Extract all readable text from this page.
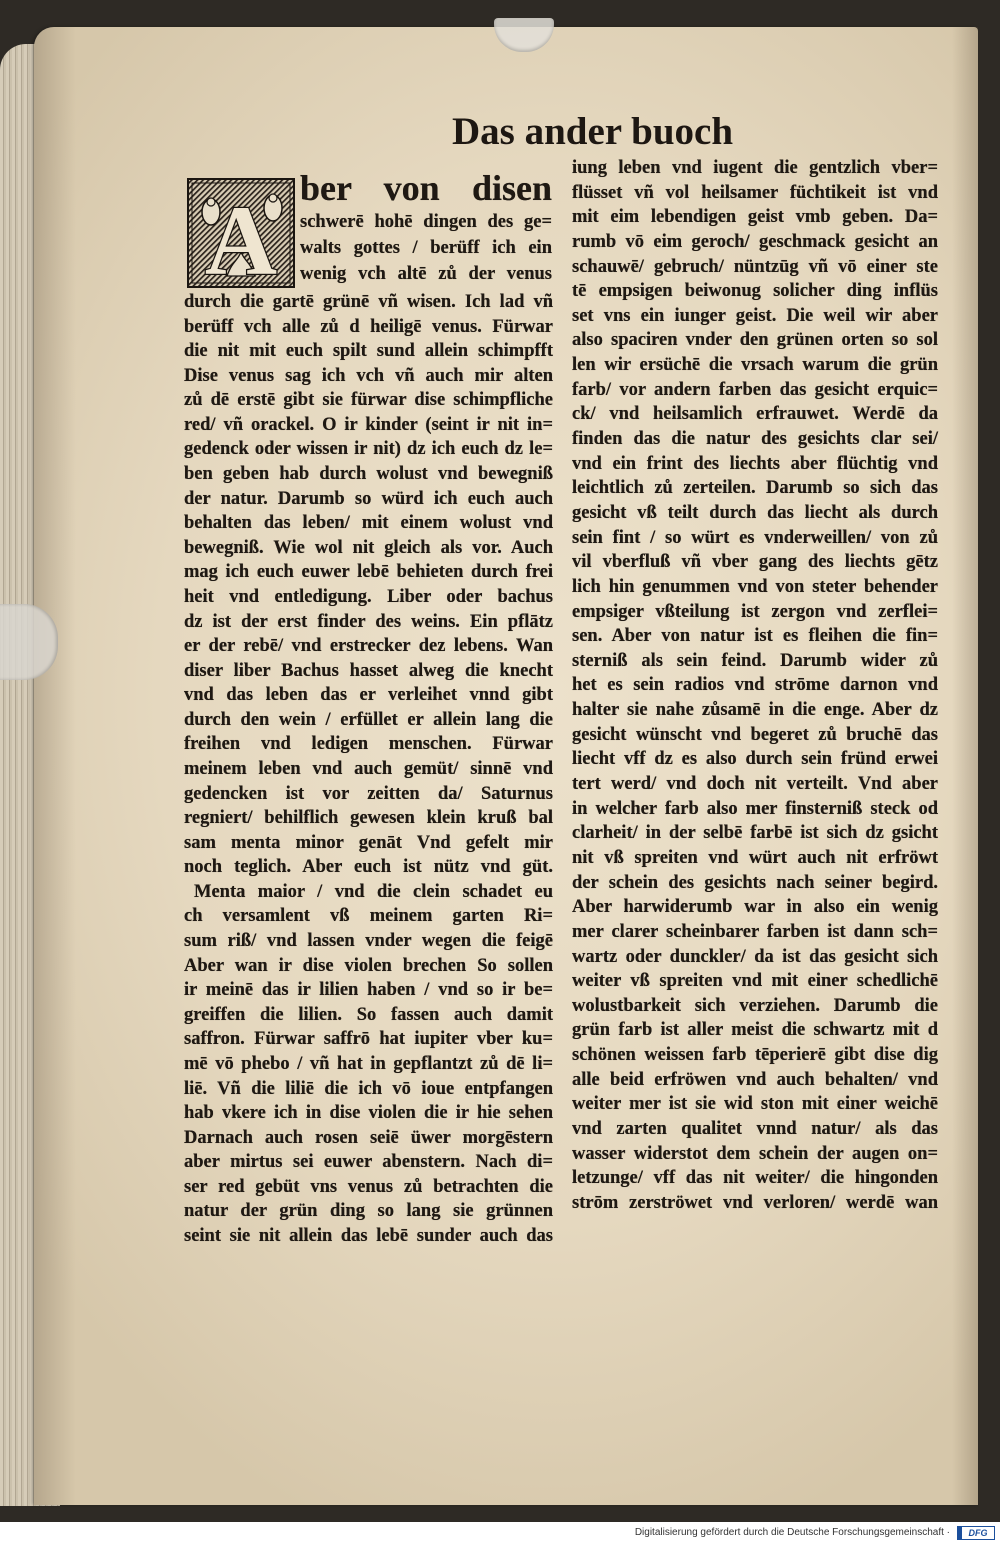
Das ander buoch
A ber von disen
schwerē hohē dingen des ge=
walts gottes / berüff ich ein
wenig vch altē zů der venus
durch die gartē grünē vñ wisen. Ich lad vñ
berüff vch alle zů d heiligē venus. Fürwar
die nit mit euch spilt sund allein schimpfft
Dise venus sag ich vch vñ auch mir alten
zů dē erstē gibt sie fürwar dise schimpfliche
red/ vñ orackel. O ir kinder (seint ir nit in=
gedenck oder wissen ir nit) dz ich euch dz le=
ben geben hab durch wolust vnd bewegniß
der natur. Darumb so würd ich euch auch
behalten das leben/ mit einem wolust vnd
bewegniß. Wie wol nit gleich als vor. Auch
mag ich euch euwer lebē behieten durch frei
heit vnd entledigung. Liber oder bachus
dz ist der erst finder des weins. Ein pflātz
er der rebē/ vnd erstrecker dez lebens. Wan
diser liber Bachus hasset alweg die knecht
vnd das leben das er verleihet vnnd gibt
durch den wein / erfüllet er allein lang die
freihen vnd ledigen menschen. Fürwar
meinem leben vnd auch gemüt/ sinnē vnd
gedencken ist vor zeitten da/ Saturnus
regniert/ behilflich gewesen klein kruß bal
sam menta minor genāt Vnd gefelt mir
noch teglich. Aber euch ist nütz vnd güt.
Menta maior / vnd die clein schadet eu
ch versamlent vß meinem garten Ri=
sum riß/ vnd lassen vnder wegen die feigē
Aber wan ir dise violen brechen So sollen
ir meinē das ir lilien haben / vnd so ir be=
greiffen die lilien. So fassen auch damit
saffron. Fürwar saffrō hat iupiter vber ku=
mē vō phebo / vñ hat in gepflantzt zů dē li=
liē. Vñ die liliē die ich vō ioue entpfangen
hab vkere ich in dise violen die ir hie sehen
Darnach auch rosen seiē üwer morgēstern
aber mirtus sei euwer abenstern. Nach di=
ser red gebüt vns venus zů betrachten die
natur der grün ding so lang sie grünnen
seint sie nit allein das lebē sunder auch das
iung leben vnd iugent die gentzlich vber=
flüsset vñ vol heilsamer füchtikeit ist vnd
mit eim lebendigen geist vmb geben. Da=
rumb vō eim geroch/ geschmack gesicht an
schauwē/ gebruch/ nüntzūg vñ vō einer ste
tē empsigen beiwonug solicher ding inflüs
set vns ein iunger geist. Die weil wir aber
also spaciren vnder den grünen orten so sol
len wir ersüchē die vrsach warum die grün
farb/ vor andern farben das gesicht erquic=
ck/ vnd heilsamlich erfrauwet. Werdē da
finden das die natur des gesichts clar sei/
vnd ein frint des liechts aber flüchtig vnd
leichtlich zů zerteilen. Darumb so sich das
gesicht vß teilt durch das liecht als durch
sein fint / so würt es vnderweillen/ von zů
vil vberfluß vñ vber gang des liechts gētz
lich hin genummen vnd von steter behender
empsiger vßteilung ist zergon vnd zerflei=
sen. Aber von natur ist es fleihen die fin=
sterniß als sein feind. Darumb wider zů
het es sein radios vnd strōme darnon vnd
halter sie nahe zůsamē in die enge. Aber dz
gesicht wünscht vnd begeret zů bruchē das
liecht vff dz es also durch sein fründ erwei
tert werd/ vnd doch nit verteilt. Vnd aber
in welcher farb also mer finsterniß steck od
clarheit/ in der selbē farbē ist sich dz gsicht
nit vß spreiten vnd würt auch nit erfröwt
der schein des gesichts nach seiner begird.
Aber harwiderumb war in also ein wenig
mer clarer scheinbarer farben ist dann sch=
wartz oder dunckler/ da ist das gesicht sich
weiter vß spreiten vnd mit einer schedlichē
wolustbarkeit sich verziehen. Darumb die
grün farb ist aller meist die schwartz mit d
schönen weissen farb tēperierē gibt dise dig
alle beid erfröwen vnd auch behalten/ vnd
weiter mer ist sie wid ston mit einer weichē
vnd zarten qualitet vnnd natur/ als das
wasser widerstot dem schein der augen on=
letzunge/ vff das nit weiter/ die hingonden
strōm zerströwet vnd verloren/ werdē wan
Digitalisierung gefördert durch die Deutsche Forschungsgemeinschaft ·	DFG
